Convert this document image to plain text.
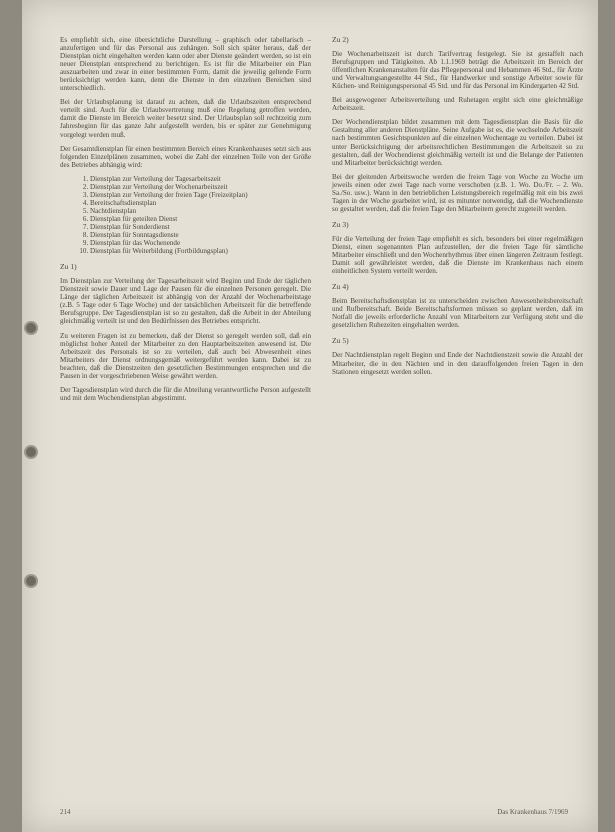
Es empfiehlt sich, eine übersichtliche Darstellung – graphisch oder tabellarisch – anzufertigen und für das Personal aus zuhängen. Soll sich später heraus, daß der Dienstplan nicht eingehalten werden kann oder aber Dienste geändert werden, so ist ein neuer Dienstplan entsprechend zu berichtigen. Es ist für die Mitarbeiter ein Plan auszuarbeiten und zwar in einer bestimmten Form, damit die jeweilig geltende Form berücksichtigt werden kann, denn die Dienste in den einzelnen Bereichen sind unterschiedlich.

Bei der Urlaubsplanung ist darauf zu achten, daß die Urlaubszeiten entsprechend verteilt sind. Auch für die Urlaubsvertretung muß eine Regelung getroffen werden, damit die Dienste im Bereich weiter besetzt sind. Der Urlaubsplan soll rechtzeitig zum Jahresbeginn für das ganze Jahr aufgestellt werden, bis er später zur Genehmigung vorgelegt werden muß.

Der Gesamtdienstplan für einen bestimmten Bereich eines Krankenhauses setzt sich aus folgenden Einzelplänen zusammen, wobei die Zahl der einzelnen Teile von der Größe des Betriebes abhängig wird:

1. Dienstplan zur Verteilung der Tagesarbeitszeit
2. Dienstplan zur Verteilung der Wochenarbeitszeit
3. Dienstplan zur Verteilung der freien Tage (Freizeitplan)
4. Bereitschaftsdienstplan
5. Nachtdienstplan
6. Dienstplan für geteilten Dienst
7. Dienstplan für Sonderdienst
8. Dienstplan für Sonntagsdienste
9. Dienstplan für das Wochenende
10. Dienstplan für Weiterbildung (Fortbildungsplan)
Zu 1)

Im Dienstplan zur Verteilung der Tagesarbeitszeit wird Beginn und Ende der täglichen Dienstzeit sowie Dauer und Lage der Pausen für die einzelnen Personen geregelt. Die Länge der täglichen Arbeitszeit ist abhängig von der Anzahl der Wochenarbeitstage (z.B. 5 Tage oder 6 Tage Woche) und der tatsächlichen Arbeitszeit für die betreffende Berufsgruppe. Der Tagesdienstplan ist so zu gestalten, daß die Arbeit in der Abteilung gleichmäßig verteilt ist und den Bedürfnissen des Betriebes entspricht.

Zu weiteren Fragen ist zu bemerken, daß der Dienst so geregelt werden soll, daß ein möglichst hoher Anteil der Mitarbeiter zu den Hauptarbeitszeiten anwesend ist. Die Arbeitszeit des Personals ist so zu verteilen, daß auch bei Abwesenheit eines Mitarbeiters der Dienst ordnungsgemäß weitergeführt werden kann. Dabei ist zu beachten, daß die Dienstzeiten den gesetzlichen Bestimmungen entsprechen und die Pausen in der vorgeschriebenen Weise gewährt werden.

Der Tagesdienstplan wird durch die für die Abteilung verantwortliche Person aufgestellt und mit dem Wochendienstplan abgestimmt.

Zu 2)

Die Wochenarbeitszeit ist durch Tarifvertrag festgelegt. Sie ist gestaffelt nach Berufsgruppen und Tätigkeiten. Ab 1.1.1969 beträgt die Arbeitszeit im Bereich der öffentlichen Krankenanstalten für das Pflegepersonal und Hebammen 46 Std., für Ärzte und Verwaltungsangestellte 44 Std., für Handwerker und sonstige Arbeiter sowie für Küchen- und Reinigungspersonal 45 Std. und für das Personal im Kindergarten 42 Std.

Bei ausgewogener Arbeitsverteilung und Ruhetagen ergibt sich eine gleichmäßige Arbeitszeit.

Der Wochendienstplan bildet zusammen mit dem Tagesdienstplan die Basis für die Gestaltung aller anderen Dienstpläne. Seine Aufgabe ist es, die wechselnde Arbeitszeit nach bestimmten Gesichtspunkten auf die einzelnen Wochentage zu verteilen. Dabei ist unter Berücksichtigung der arbeitsrechtlichen Bestimmungen die Arbeitszeit so zu gestalten, daß der Wochendienst gleichmäßig verteilt ist und die Belange der Patienten und Mitarbeiter berücksichtigt werden.

Bei der gleitenden Arbeitswoche werden die freien Tage von Woche zu Woche um jeweils einen oder zwei Tage nach vorne verschoben (z.B. 1. Wo. Do./Fr. – 2. Wo. Sa./So. usw.). Wann in den betrieblichen Leistungsbereich regelmäßig mit ein bis zwei Tagen in der Woche gearbeitet wird, ist es mitunter notwendig, daß die Wochendienste so gestaltet werden, daß die freien Tage den Mitarbeitern gerecht zugeteilt werden.

Zu 3)

Für die Verteilung der freien Tage empfiehlt es sich, besonders bei einer regelmäßigen Dienst, einen sogenannten Plan aufzustellen, der die freien Tage für sämtliche Mitarbeiter einschließt und den Wochenrhythmus über einen längeren Zeitraum festlegt. Damit soll gewährleistet werden, daß die Dienste im Krankenhaus nach einem einheitlichen System verteilt werden.

Zu 4)

Beim Bereitschaftsdienstplan ist zu unterscheiden zwischen Anwesenheitsbereitschaft und Rufbereitschaft. Beide Bereitschaftsformen müssen so geplant werden, daß im Notfall die jeweils erforderliche Anzahl von Mitarbeitern zur Verfügung steht und die gesetzlichen Ruhezeiten eingehalten werden.

Zu 5)

Der Nachtdienstplan regelt Beginn und Ende der Nachtdienstzeit sowie die Anzahl der Mitarbeiter, die in den Nächten und in den darauffolgenden freien Tagen in den Stationen eingesetzt werden sollen.

214	Das Krankenhaus 7/1969
